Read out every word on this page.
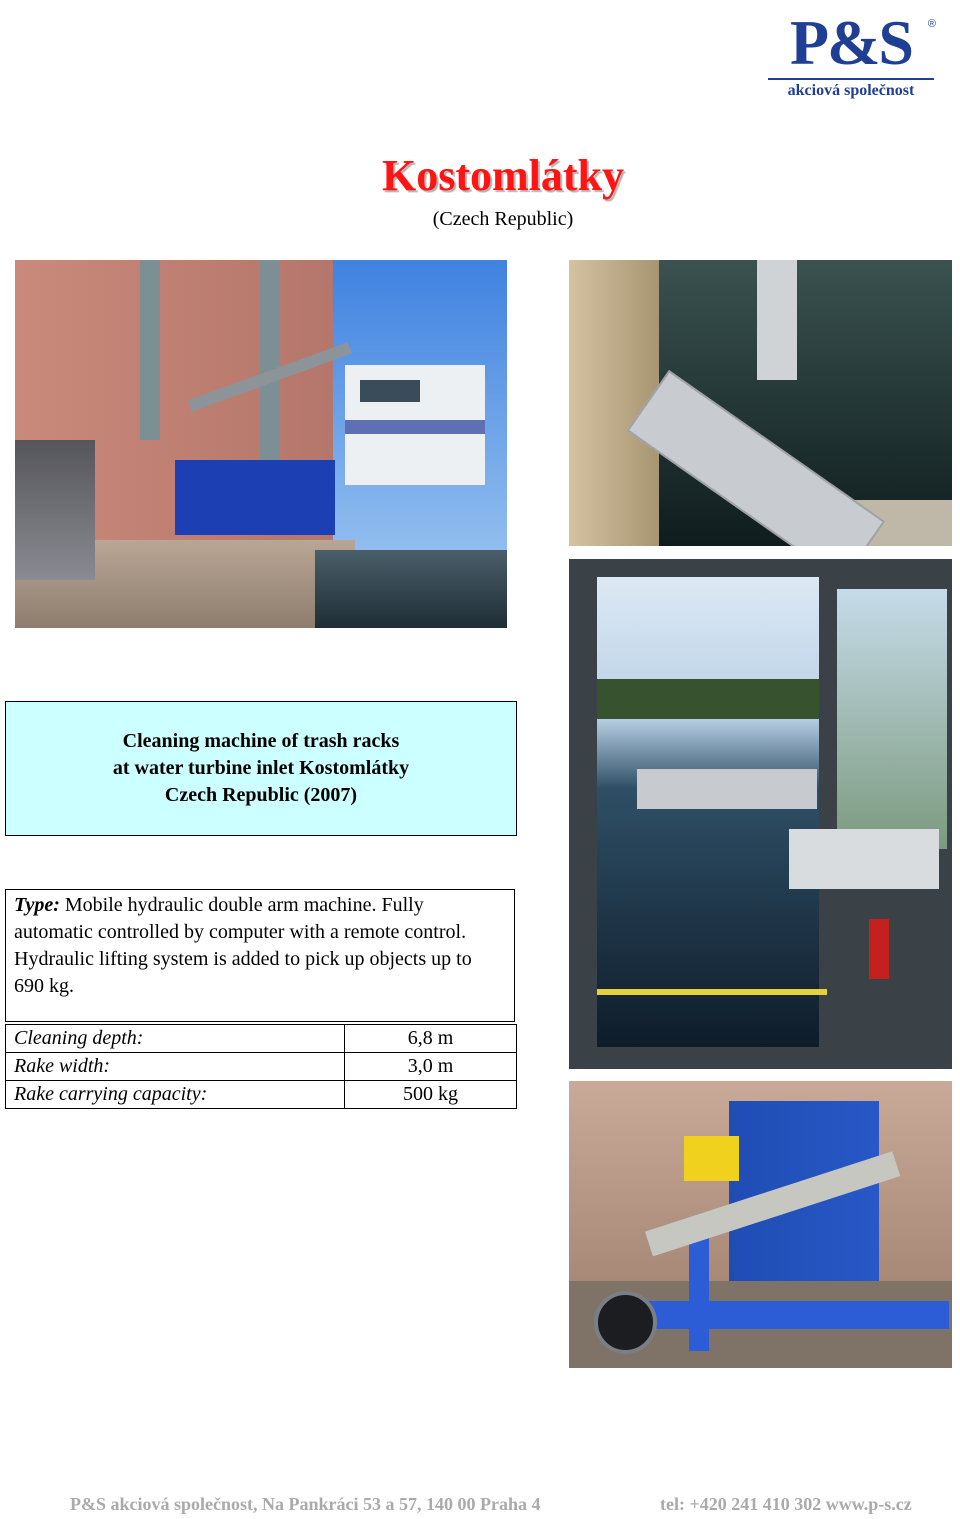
P&S	®
akciová společnost
Kostomlátky
(Czech Republic)
Cleaning machine of trash racks
at water turbine inlet Kostomlátky
Czech Republic (2007)
Type: Mobile hydraulic double arm machine. Fully automatic controlled by computer with a remote control. Hydraulic lifting system is added to pick up objects up to 690 kg.
Cleaning depth:	6,8 m
Rake width:	3,0 m
Rake carrying capacity:	500 kg
P&S akciová společnost, Na Pankráci 53 a 57, 140 00 Praha 4	tel: +420 241 410 302 www.p-s.cz
